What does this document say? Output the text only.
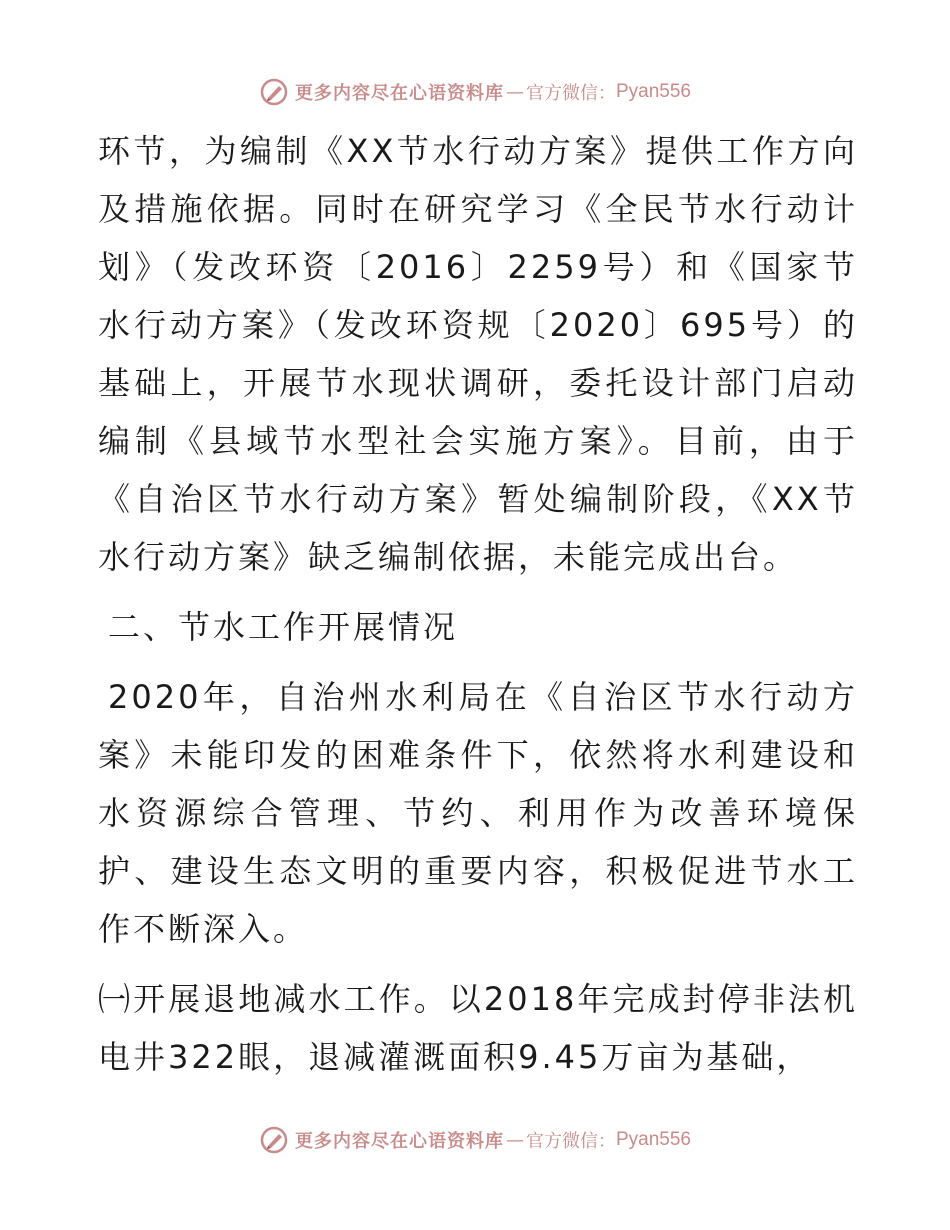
更多内容尽在心语资料库 — 官方微信： Pyan556

环节，为编制《XX节水行动方案》提供工作方向及措施依据。同时在研究学习《全民节水行动计划》（发改环资〔2016〕2259号）和《国家节水行动方案》（发改环资规〔2020〕695号）的基础上，开展节水现状调研，委托设计部门启动编制《县域节水型社会实施方案》。目前，由于《自治区节水行动方案》暂处编制阶段，《XX节水行动方案》缺乏编制依据，未能完成出台。

二、节水工作开展情况

2020年，自治州水利局在《自治区节水行动方案》未能印发的困难条件下，依然将水利建设和水资源综合管理、节约、利用作为改善环境保护、建设生态文明的重要内容，积极促进节水工作不断深入。

㈠开展退地减水工作。以2018年完成封停非法机电井322眼，退减灌溉面积9.45万亩为基础，

更多内容尽在心语资料库 — 官方微信： Pyan556
